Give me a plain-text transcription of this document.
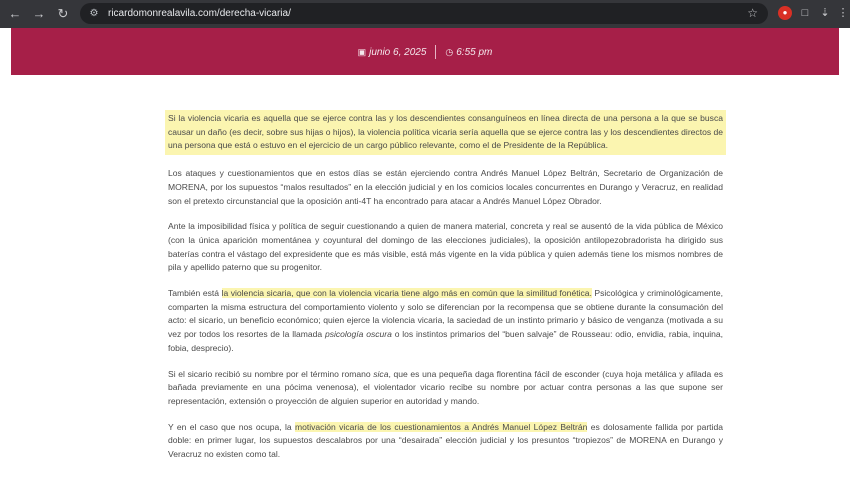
← → ↻	⚙ ricardomonrealavila.com/derecha-vicaria/	☆	●	□	⇣ ⋮
▣ junio 6, 2025 ◷ 6:55 pm

Si la violencia vicaria es aquella que se ejerce contra las y los descendientes consanguíneos en línea directa de una persona a la que se busca causar un daño (es decir, sobre sus hijas o hijos), la violencia política vicaria sería aquella que se ejerce contra las y los descendientes directos de una persona que está o estuvo en el ejercicio de un cargo público relevante, como el de Presidente de la República.

Los ataques y cuestionamientos que en estos días se están ejerciendo contra Andrés Manuel López Beltrán, Secretario de Organización de MORENA, por los supuestos “malos resultados” en la elección judicial y en los comicios locales concurrentes en Durango y Veracruz, en realidad son el pretexto circunstancial que la oposición anti-4T ha encontrado para atacar a Andrés Manuel López Obrador.

Ante la imposibilidad física y política de seguir cuestionando a quien de manera material, concreta y real se ausentó de la vida pública de México (con la única aparición momentánea y coyuntural del domingo de las elecciones judiciales), la oposición antilopezobradorista ha dirigido sus baterías contra el vástago del expresidente que es más visible, está más vigente en la vida pública y quien además tiene los mismos nombres de pila y apellido paterno que su progenitor.

También está la violencia sicaria, que con la violencia vicaria tiene algo más en común que la similitud fonética. Psicológica y criminológicamente, comparten la misma estructura del comportamiento violento y solo se diferencian por la recompensa que se obtiene durante la consumación del acto: el sicario, un beneficio económico; quien ejerce la violencia vicaria, la saciedad de un instinto primario y básico de venganza (motivada a su vez por todos los resortes de la llamada psicología oscura o los instintos primarios del “buen salvaje” de Rousseau: odio, envidia, rabia, inquina, fobia, desprecio).

Si el sicario recibió su nombre por el término romano sica, que es una pequeña daga florentina fácil de esconder (cuya hoja metálica y afilada es bañada previamente en una pócima venenosa), el violentador vicario recibe su nombre por actuar contra personas a las que supone ser representación, extensión o proyección de alguien superior en autoridad y mando.

Y en el caso que nos ocupa, la motivación vicaria de los cuestionamientos a Andrés Manuel López Beltrán es dolosamente fallida por partida doble: en primer lugar, los supuestos descalabros por una “desairada” elección judicial y los presuntos “tropiezos” de MORENA en Durango y Veracruz no existen como tal.
